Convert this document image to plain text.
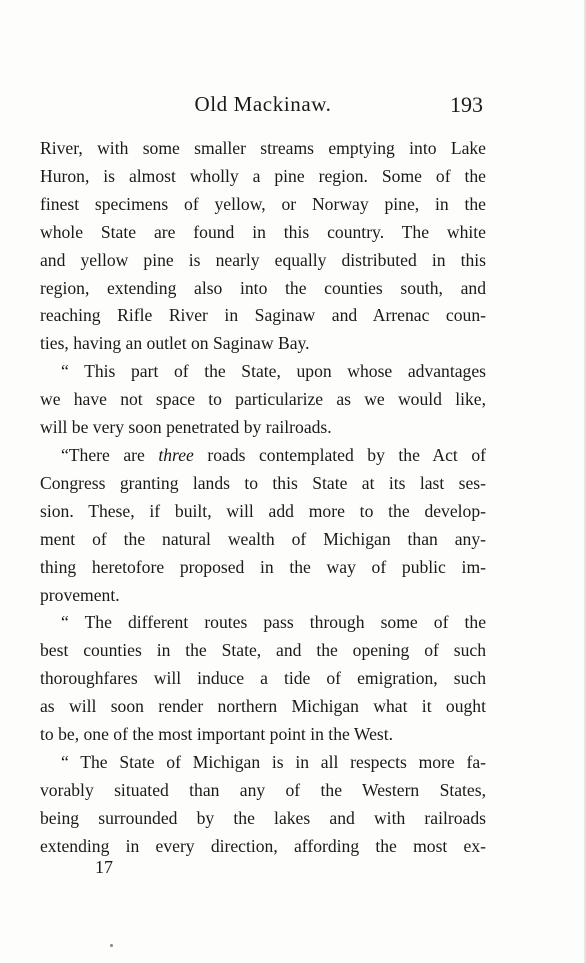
Old Mackinaw.	193

River, with some smaller streams emptying into Lake

Huron, is almost wholly a pine region. Some of the

finest specimens of yellow, or Norway pine, in the

whole State are found in this country. The white

and yellow pine is nearly equally distributed in this

region, extending also into the counties south, and

reaching Rifle River in Saginaw and Arrenac coun-

ties, having an outlet on Saginaw Bay.

“ This part of the State, upon whose advantages

we have not space to particularize as we would like,

will be very soon penetrated by railroads.

“There are three roads contemplated by the Act of

Congress granting lands to this State at its last ses-

sion. These, if built, will add more to the develop-

ment of the natural wealth of Michigan than any-

thing heretofore proposed in the way of public im-

provement.

“ The different routes pass through some of the

best counties in the State, and the opening of such

thoroughfares will induce a tide of emigration, such

as will soon render northern Michigan what it ought

to be, one of the most important point in the West.

“ The State of Michigan is in all respects more fa-

vorably situated than any of the Western States,

being surrounded by the lakes and with railroads

extending in every direction, affording the most ex-

17
